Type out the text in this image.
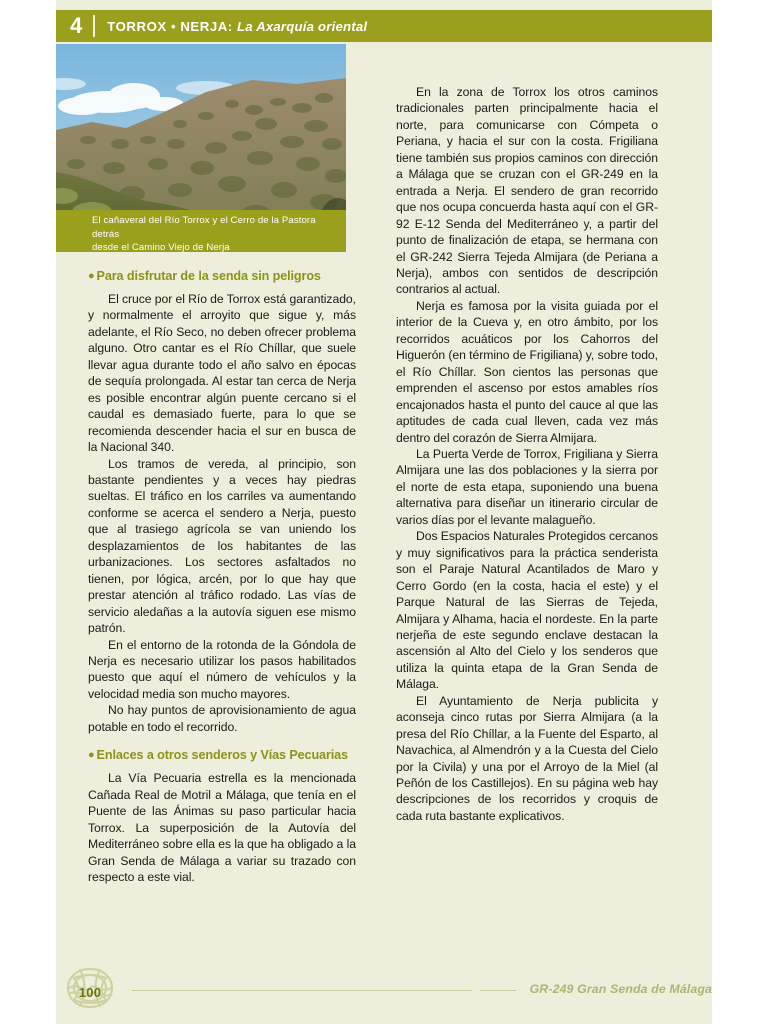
4	TORROX • NERJA: La Axarquía oriental
El cañaveral del Río Torrox y el Cerro de la Pastora detrás
desde el Camino Viejo de Nerja
● Para disfrutar de la senda sin peligros

El cruce por el Río de Torrox está garantizado, y normalmente el arroyito que sigue y, más adelante, el Río Seco, no deben ofrecer problema alguno. Otro cantar es el Río Chíllar, que suele llevar agua durante todo el año salvo en épocas de sequía prolongada. Al estar tan cerca de Nerja es posible encontrar algún puente cercano si el caudal es demasiado fuerte, para lo que se recomienda descender hacia el sur en busca de la Nacional 340.

Los tramos de vereda, al principio, son bastante pendientes y a veces hay piedras sueltas. El tráfico en los carriles va aumentando conforme se acerca el sendero a Nerja, puesto que al trasiego agrícola se van uniendo los desplazamientos de los habitantes de las urbanizaciones. Los sectores asfaltados no tienen, por lógica, arcén, por lo que hay que prestar atención al tráfico rodado. Las vías de servicio aledañas a la autovía siguen ese mismo patrón.

En el entorno de la rotonda de la Góndola de Nerja es necesario utilizar los pasos habilitados puesto que aquí el número de vehículos y la velocidad media son mucho mayores.

No hay puntos de aprovisionamiento de agua potable en todo el recorrido.

● Enlaces a otros senderos y Vías Pecuarias

La Vía Pecuaria estrella es la mencionada Cañada Real de Motril a Málaga, que tenía en el Puente de las Ánimas su paso particular hacia Torrox. La superposición de la Autovía del Mediterráneo sobre ella es la que ha obligado a la Gran Senda de Málaga a variar su trazado con respecto a este vial.

En la zona de Torrox los otros caminos tradicionales parten principalmente hacia el norte, para comunicarse con Cómpeta o Periana, y hacia el sur con la costa. Frigiliana tiene también sus propios caminos con dirección a Málaga que se cruzan con el GR-249 en la entrada a Nerja. El sendero de gran recorrido que nos ocupa concuerda hasta aquí con el GR-92 E-12 Senda del Mediterráneo y, a partir del punto de finalización de etapa, se hermana con el GR-242 Sierra Tejeda Almijara (de Periana a Nerja), ambos con sentidos de descripción contrarios al actual.

Nerja es famosa por la visita guiada por el interior de la Cueva y, en otro ámbito, por los recorridos acuáticos por los Cahorros del Higuerón (en término de Frigiliana) y, sobre todo, el Río Chíllar. Son cientos las personas que emprenden el ascenso por estos amables ríos encajonados hasta el punto del cauce al que las aptitudes de cada cual lleven, cada vez más dentro del corazón de Sierra Almijara.

La Puerta Verde de Torrox, Frigiliana y Sierra Almijara une las dos poblaciones y la sierra por el norte de esta etapa, suponiendo una buena alternativa para diseñar un itinerario circular de varios días por el levante malagueño.

Dos Espacios Naturales Protegidos cercanos y muy significativos para la práctica senderista son el Paraje Natural Acantilados de Maro y Cerro Gordo (en la costa, hacia el este) y el Parque Natural de las Sierras de Tejeda, Almijara y Alhama, hacia el nordeste. En la parte nerjeña de este segundo enclave destacan la ascensión al Alto del Cielo y los senderos que utiliza la quinta etapa de la Gran Senda de Málaga.

El Ayuntamiento de Nerja publicita y aconseja cinco rutas por Sierra Almijara (a la presa del Río Chíllar, a la Fuente del Esparto, al Navachica, al Almendrón y a la Cuesta del Cielo por la Civila) y una por el Arroyo de la Miel (al Peñón de los Castillejos). En su página web hay descripciones de los recorridos y croquis de cada ruta bastante explicativos.

100	GR-249 Gran Senda de Málaga
